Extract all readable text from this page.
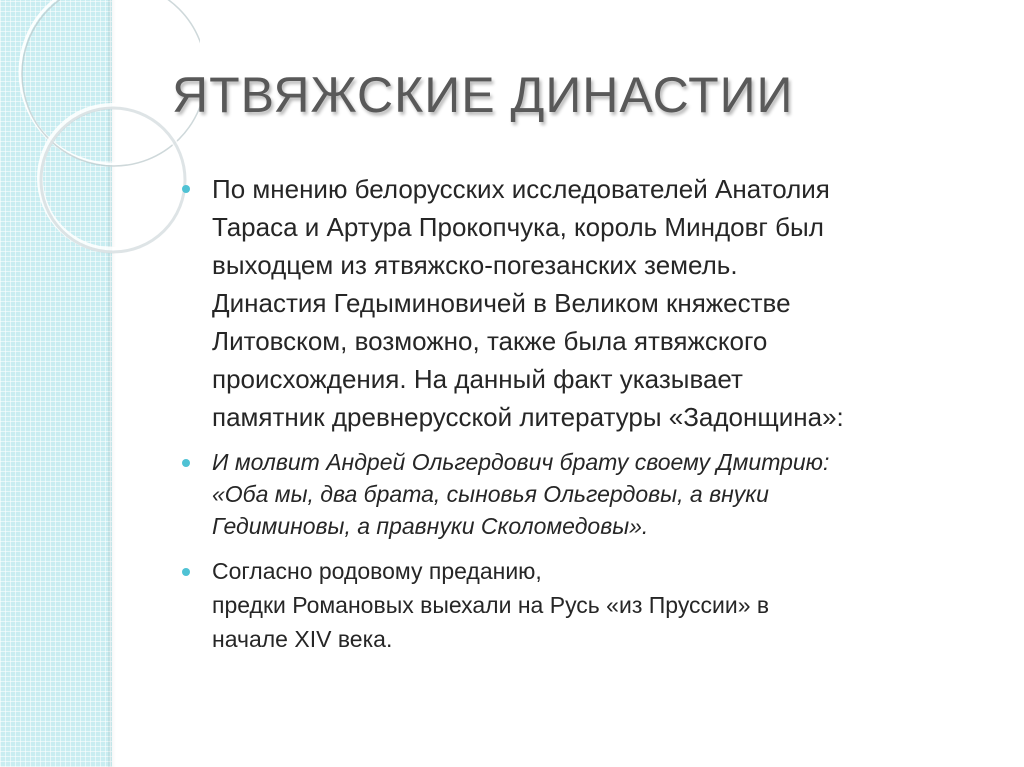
ЯТВЯЖСКИЕ ДИНАСТИИ
По мнению белорусских исследователей Анатолия
Тараса и Артура Прокопчука, король Миндовг был
выходцем из ятвяжско-погезанских земель.
Династия Гедыминовичей в Великом княжестве
Литовском, возможно, также была ятвяжского
происхождения. На данный факт указывает
памятник древнерусской литературы «Задонщина»:
И молвит Андрей Ольгердович брату своему Дмитрию:
«Оба мы, два брата, сыновья Ольгердовы, а внуки
Гедиминовы, а правнуки Сколомедовы».
Согласно родовому преданию,
предки Романовых выехали на Русь «из Пруссии» в
начале XIV века.
